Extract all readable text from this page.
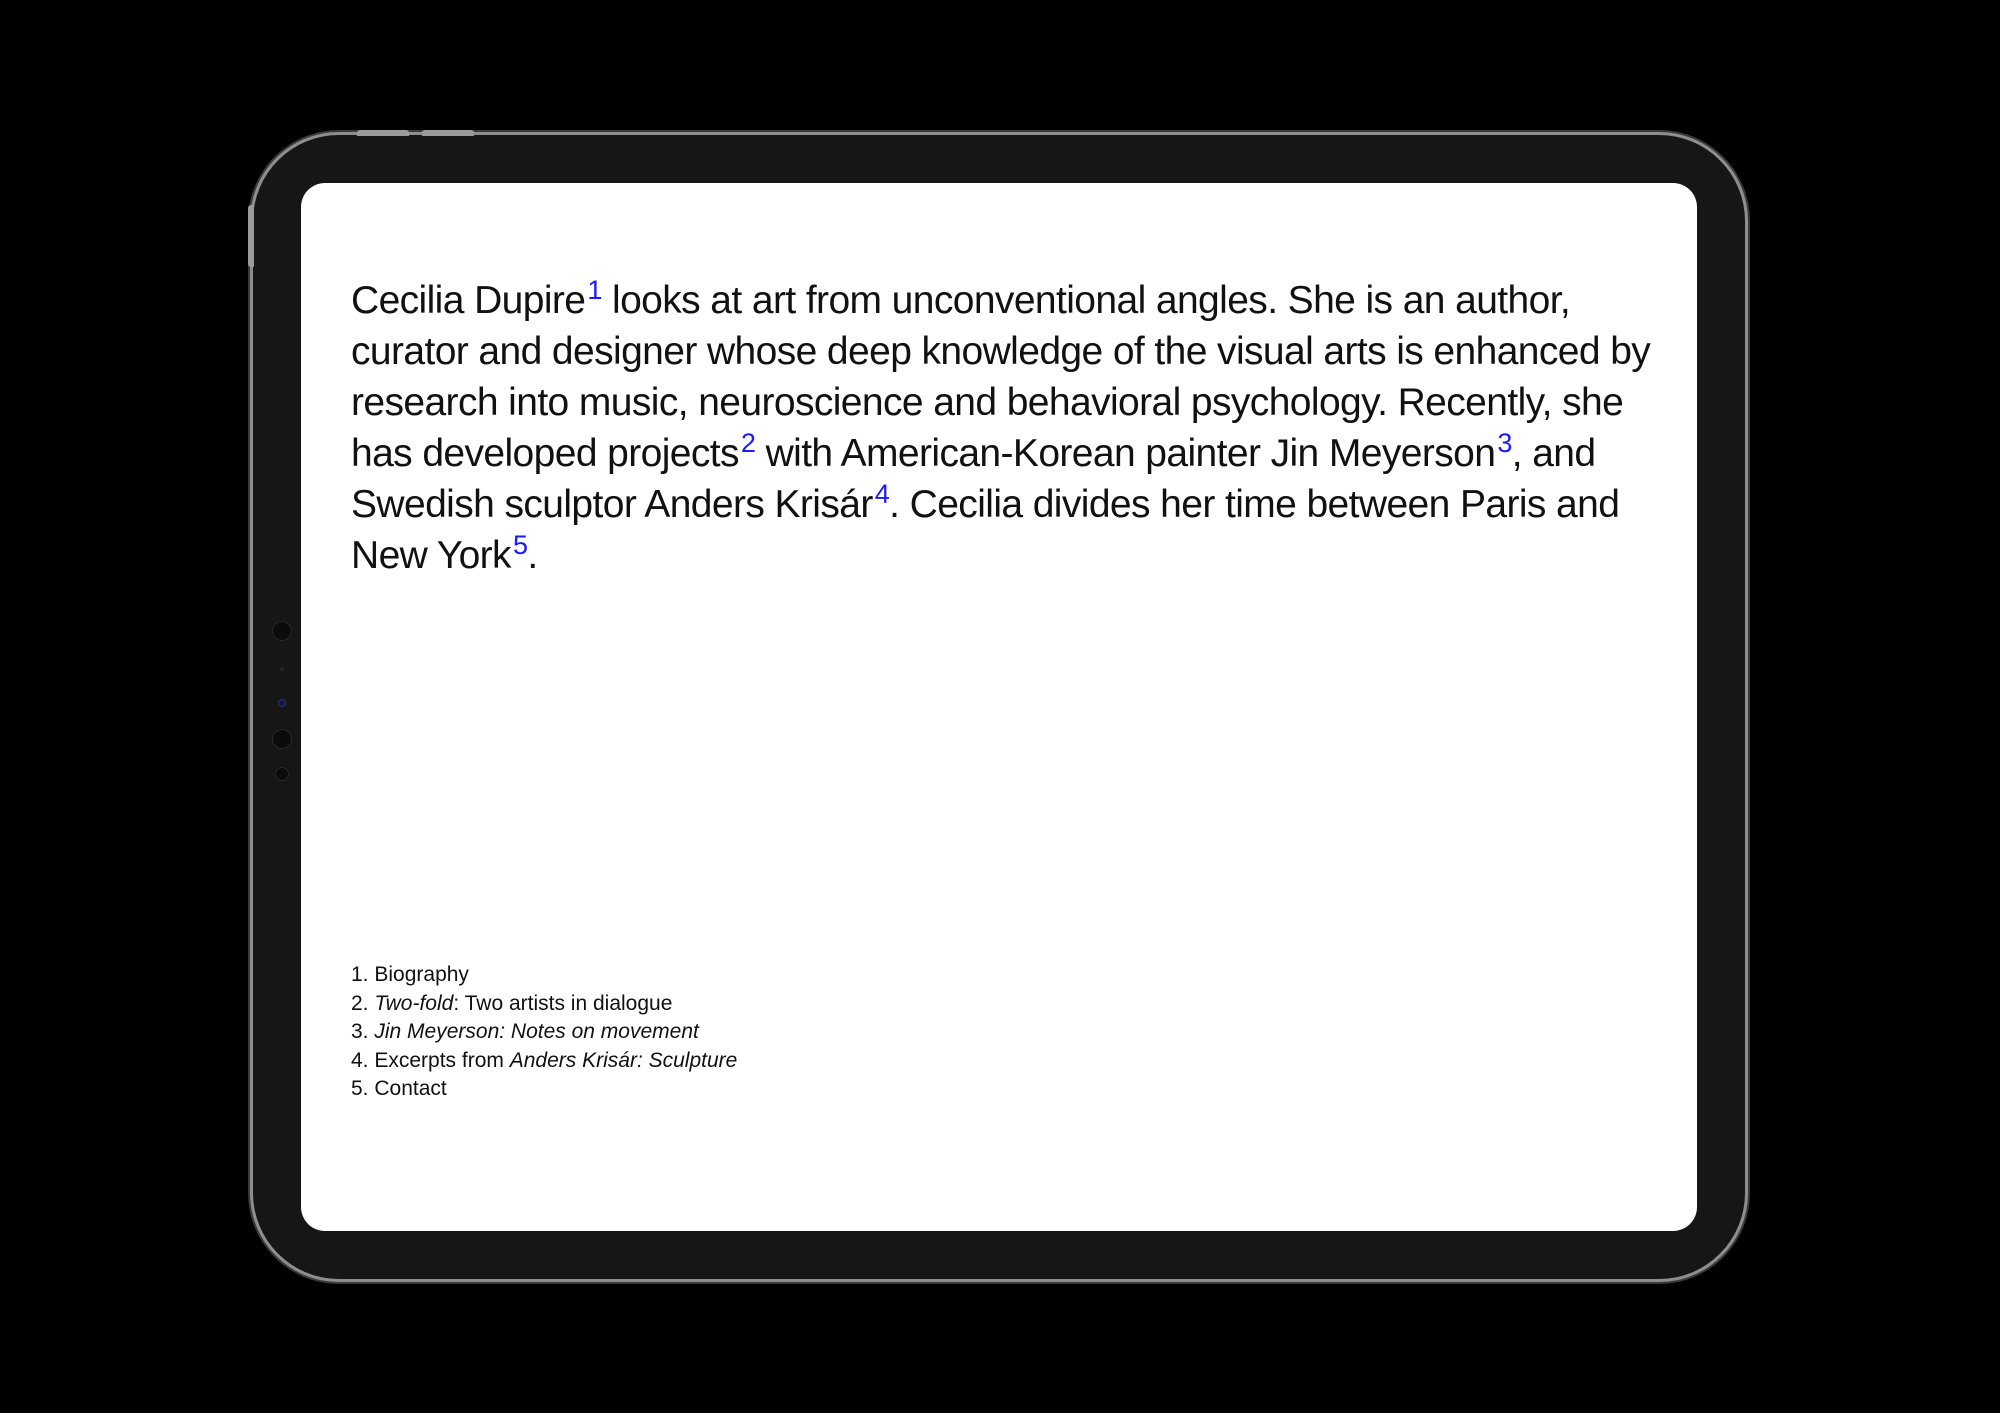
Cecilia Dupire$^1$ looks at art from unconventional angles. She is an author, curator and designer whose deep knowledge of the visual arts is enhanced by research into music, neuroscience and behavioral psychology. Recently, she has developed projects$^2$ with American-Korean painter Jin Meyerson$^3$, and Swedish sculptor Anders Krisár$^4$. Cecilia divides her time between Paris and New York$^5$.

1. Biography
2. Two-fold: Two artists in dialogue
3. Jin Meyerson: Notes on movement
4. Excerpts from Anders Krisár: Sculpture
5. Contact
